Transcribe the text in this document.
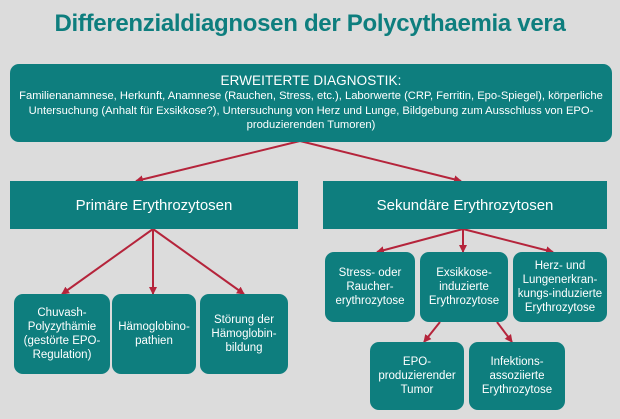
Differenzialdiagnosen der Polycythaemia vera
ERWEITERTE DIAGNOSTIK:
Familienanamnese, Herkunft, Anamnese (Rauchen, Stress, etc.), Laborwerte (CRP, Ferritin, Epo-Spiegel), körperliche Untersuchung (Anhalt für Exsikkose?), Untersuchung von Herz und Lunge, Bildgebung zum Ausschluss von EPO-produzierenden Tumoren)
Primäre Erythrozytosen	Sekundäre Erythrozytosen
Chuvash-
Polyzythämie
(gestörte EPO-
Regulation)
Hämoglobino-
pathien
Störung der
Hämoglobin-
bildung
Stress- oder
Raucher-
erythrozytose
Exsikkose-
induzierte
Erythrozytose
Herz- und
Lungenerkran-
kungs-induzierte
Erythrozytose
EPO-
produzierender
Tumor
Infektions-
assoziierte
Erythrozytose
